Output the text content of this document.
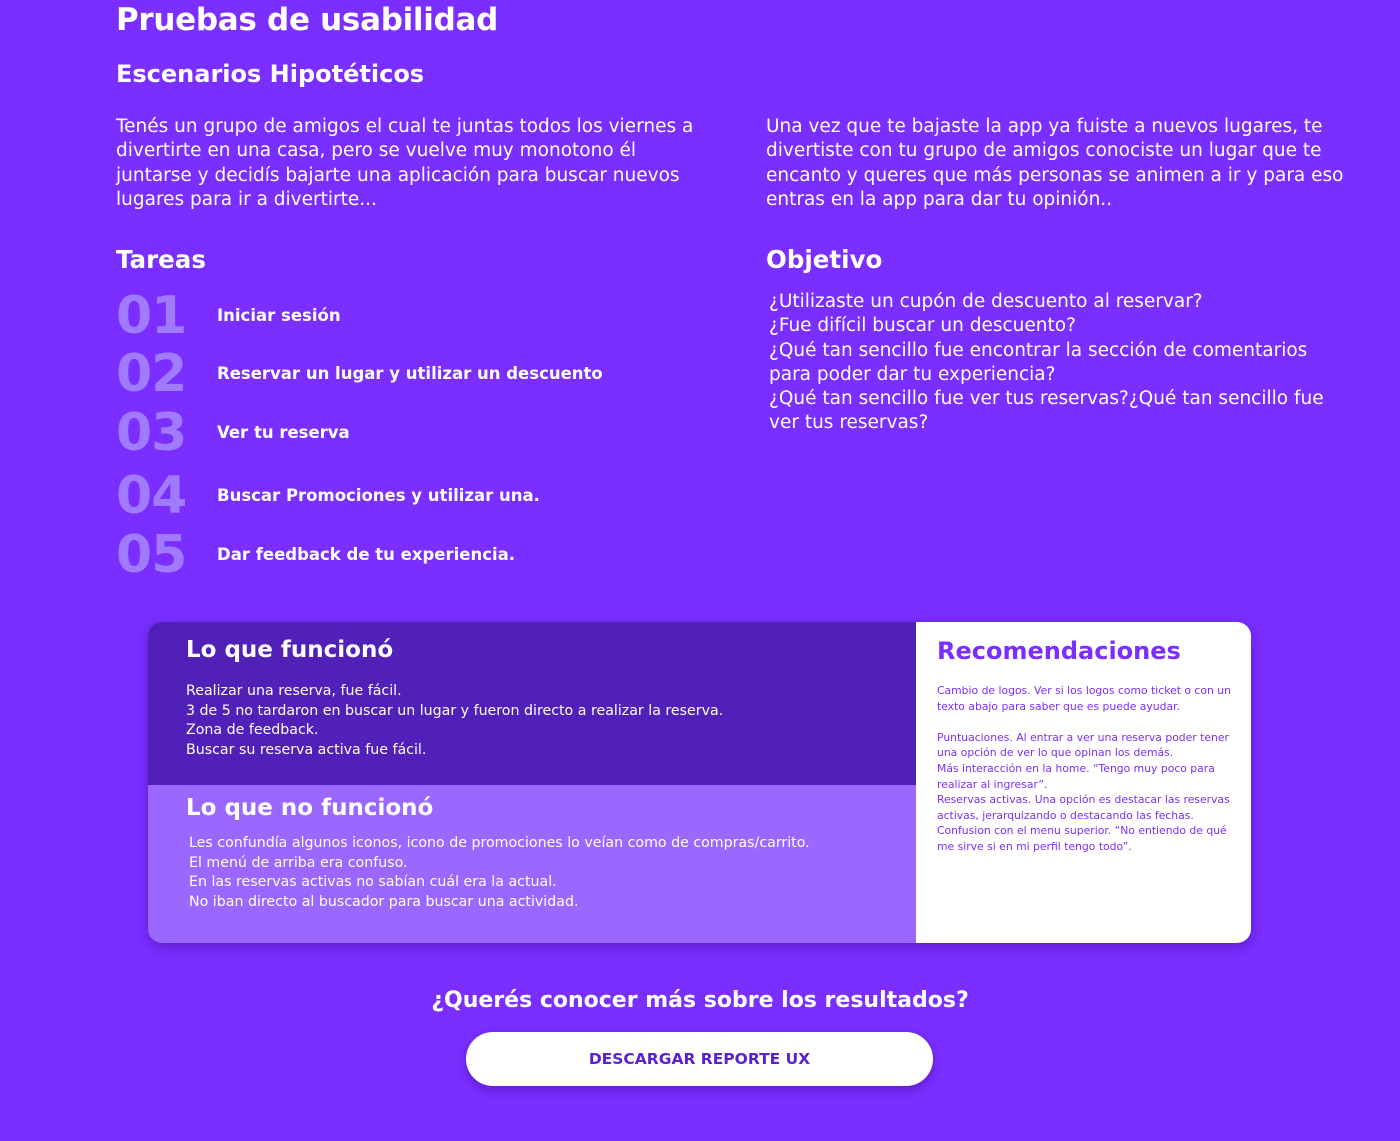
Pruebas de usabilidad
Escenarios Hipotéticos

Tenés un grupo de amigos el cual te juntas todos los viernes a divertirte en una casa, pero se vuelve muy monotono él juntarse y decidís bajarte una aplicación para buscar nuevos lugares para ir a divertirte...

Una vez que te bajaste la app ya fuiste a nuevos lugares, te divertiste con tu grupo de amigos conociste un lugar que te encanto y queres que más personas se animen a ir y para eso entras en la app para dar tu opinión..

Tareas	Objetivo
01 Iniciar sesión
02 Reservar un lugar y utilizar un descuento
03 Ver tu reserva
04 Buscar Promociones y utilizar una.
05 Dar feedback de tu experiencia.
¿Utilizaste un cupón de descuento al reservar?
¿Fue difícil buscar un descuento?
¿Qué tan sencillo fue encontrar la sección de comentarios para poder dar tu experiencia?
¿Qué tan sencillo fue ver tus reservas?¿Qué tan sencillo fue ver tus reservas?
Lo que funcionó
Realizar una reserva, fue fácil.
3 de 5 no tardaron en buscar un lugar y fueron directo a realizar la reserva.
Zona de feedback.
Buscar su reserva activa fue fácil.
Lo que no funcionó
Les confundía algunos iconos, icono de promociones lo veían como de compras/carrito.
El menú de arriba era confuso.
En las reservas activas no sabían cuál era la actual.
No iban directo al buscador para buscar una actividad.
Recomendaciones

Cambio de logos. Ver si los logos como ticket o con un texto abajo para saber que es puede ayudar.

Puntuaciones. Al entrar a ver una reserva poder tener una opción de ver lo que opinan los demás.

Más interacción en la home. “Tengo muy poco para realizar al ingresar”.

Reservas activas. Una opción es destacar las reservas activas, jerarquizando o destacando las fechas.

Confusion con el menu superior. “No entiendo de qué me sirve si en mi perfil tengo todo”.

¿Querés conocer más sobre los resultados?
DESCARGAR REPORTE UX
